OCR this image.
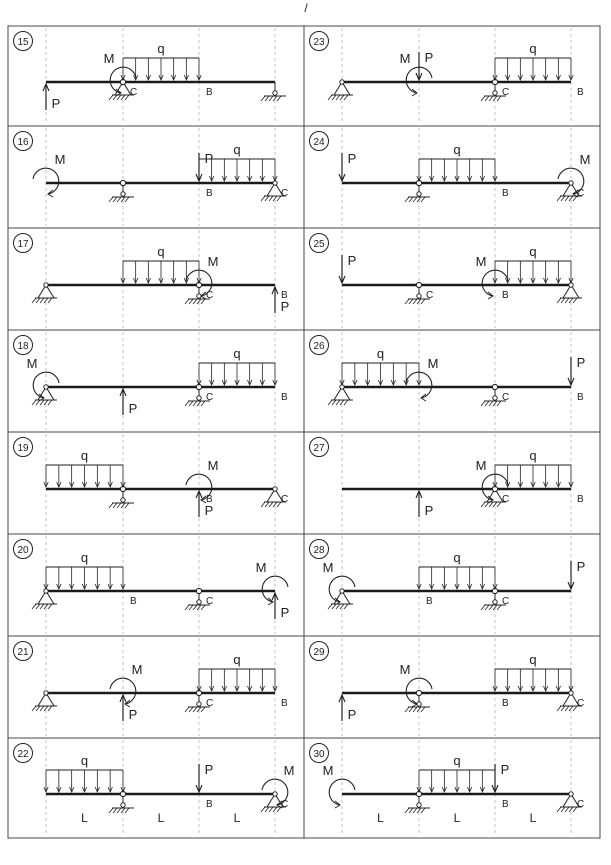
/
15
P
M
q
C	B
16
M	P
q
B	C
17	q
M
P
C	B
18
M
P
q
C	B
19	q
M
P
B	C
20	q
M
P
B	C
21
M
P
q
C	B
22	q
P	M
B	C
L	L	L
23
P
M
q
C	B
24
P
q
M
B	C
25
P	M
q
C	B
26	q
M	P
C	B
27
P
M
q
C	B
28
M
q
P
B	C
29
P
M
q
B	C
30
M
q
P
B	C
L	L	L
